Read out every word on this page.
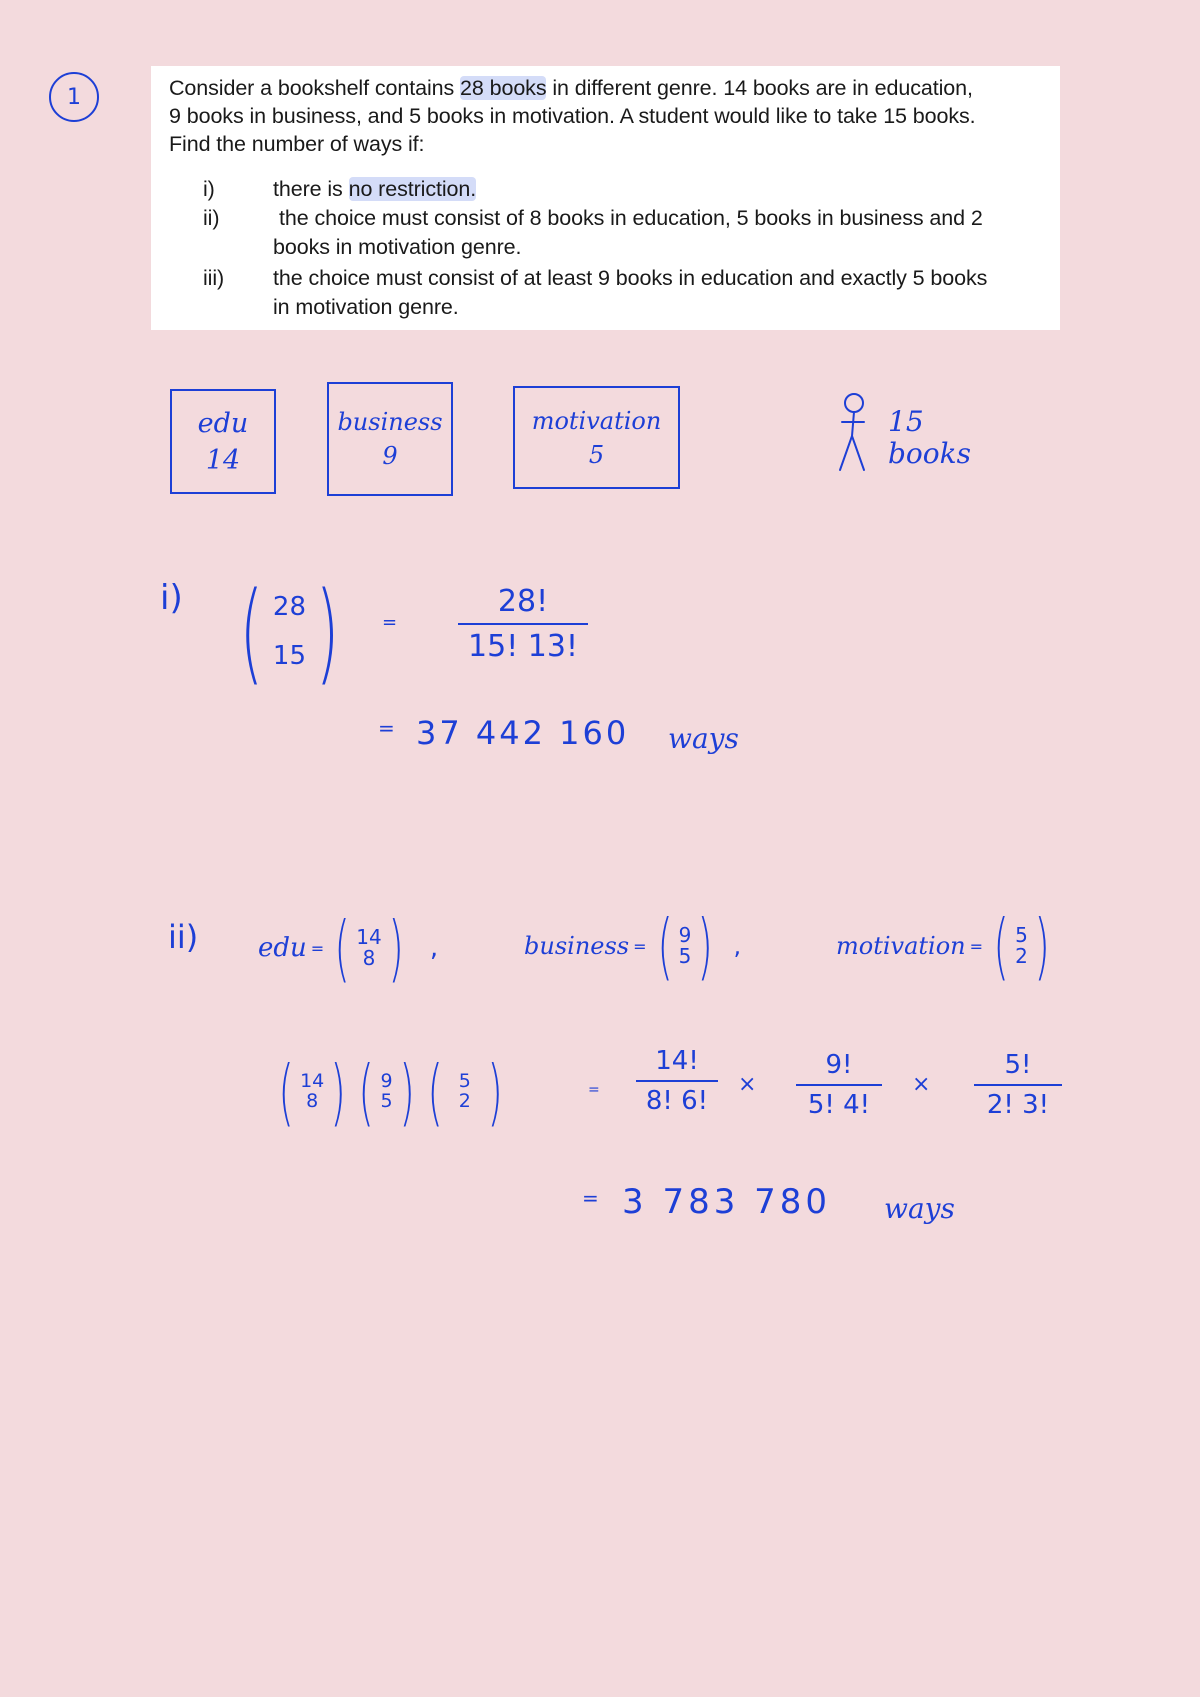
1	Consider a bookshelf contains 28 books in different genre. 14 books are in education,
9 books in business, and 5 books in motivation. A student would like to take 15 books.
Find the number of ways if:
i)	there is no restriction.
ii)	the choice must consist of 8 books in education, 5 books in business and 2
books in motivation genre.
iii) the choice must consist of at least 9 books in education and exactly 5 books
in motivation genre.
edu
14
business
9
motivation
5
15
books
i) ( 28
15 ) = $\frac{28!}{15! 13!}$
= 37 442 160 ways
ii) edu = ( 14
8 ) ,	business = ( 9
5 ) ,	motivation = ( 5
2 )
( 14
8 ) ( 9
5 ) ( 5
2 )	= $\frac{14!}{8! 6!} \times \frac{9!}{5! 4!} \times \frac{5!}{2! 3!}$
= 3 783 780 ways
